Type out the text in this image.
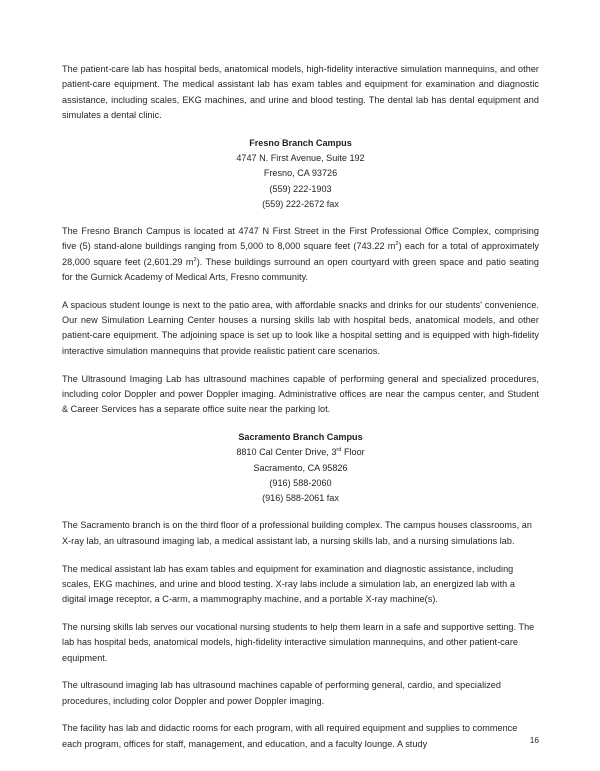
The patient-care lab has hospital beds, anatomical models, high-fidelity interactive simulation mannequins, and other patient-care equipment. The medical assistant lab has exam tables and equipment for examination and diagnostic assistance, including scales, EKG machines, and urine and blood testing. The dental lab has dental equipment and simulates a dental clinic.

Fresno Branch Campus
4747 N. First Avenue, Suite 192
Fresno, CA 93726
(559) 222-1903
(559) 222-2672 fax

The Fresno Branch Campus is located at 4747 N First Street in the First Professional Office Complex, comprising five (5) stand-alone buildings ranging from 5,000 to 8,000 square feet (743.22 $m^2$) each for a total of approximately 28,000 square feet (2,601.29 $m^2$). These buildings surround an open courtyard with green space and patio seating for the Gurnick Academy of Medical Arts, Fresno community.

A spacious student lounge is next to the patio area, with affordable snacks and drinks for our students' convenience. Our new Simulation Learning Center houses a nursing skills lab with hospital beds, anatomical models, and other patient-care equipment. The adjoining space is set up to look like a hospital setting and is equipped with high-fidelity interactive simulation mannequins that provide realistic patient care scenarios.

The Ultrasound Imaging Lab has ultrasound machines capable of performing general and specialized procedures, including color Doppler and power Doppler imaging. Administrative offices are near the campus center, and Student & Career Services has a separate office suite near the parking lot.

Sacramento Branch Campus
8810 Cal Center Drive, 3rd Floor
Sacramento, CA 95826
(916) 588-2060
(916) 588-2061 fax

The Sacramento branch is on the third floor of a professional building complex. The campus houses classrooms, an X-ray lab, an ultrasound imaging lab, a medical assistant lab, a nursing skills lab, and a nursing simulations lab.

The medical assistant lab has exam tables and equipment for examination and diagnostic assistance, including scales, EKG machines, and urine and blood testing. X-ray labs include a simulation lab, an energized lab with a digital image receptor, a C-arm, a mammography machine, and a portable X-ray machine(s).

The nursing skills lab serves our vocational nursing students to help them learn in a safe and supportive setting. The lab has hospital beds, anatomical models, high-fidelity interactive simulation mannequins, and other patient-care equipment.

The ultrasound imaging lab has ultrasound machines capable of performing general, cardio, and specialized procedures, including color Doppler and power Doppler imaging.

The facility has lab and didactic rooms for each program, with all required equipment and supplies to commence each program, offices for staff, management, and education, and a faculty lounge. A study	16
